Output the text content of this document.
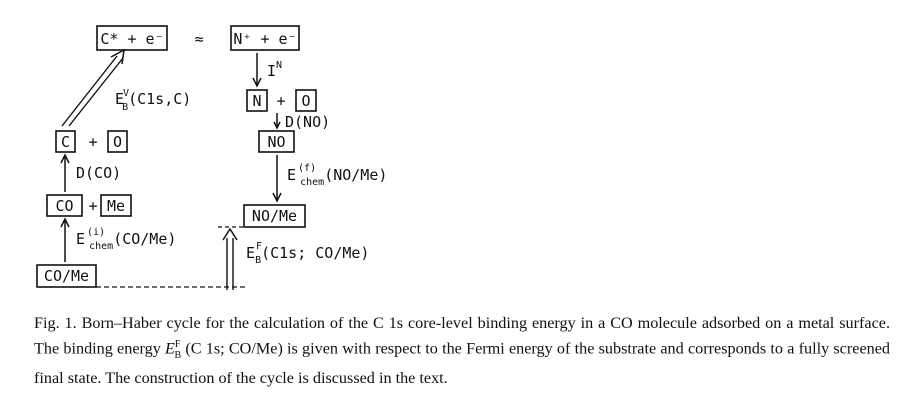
C* + e⁻ ≈
EV B(C1s,C)
C + O
D(CO)
CO + Me
E $^{(i)}$ chem(CO/Me)
CO/Me
N⁺ + e⁻
$I^N$
N + O
D(NO)
NO
E $^{(f)}$ chem(NO/Me)
NO/Me
$E^F$ B(C1s; CO/Me)
Fig. 1. Born–Haber cycle for the calculation of the C 1s core-level binding energy in a CO molecule adsorbed on a metal surface. The binding energy $E^F_B$ (C 1s; CO/Me) is given with respect to the Fermi energy of the substrate and corresponds to a fully screened final state. The construction of the cycle is discussed in the text.
